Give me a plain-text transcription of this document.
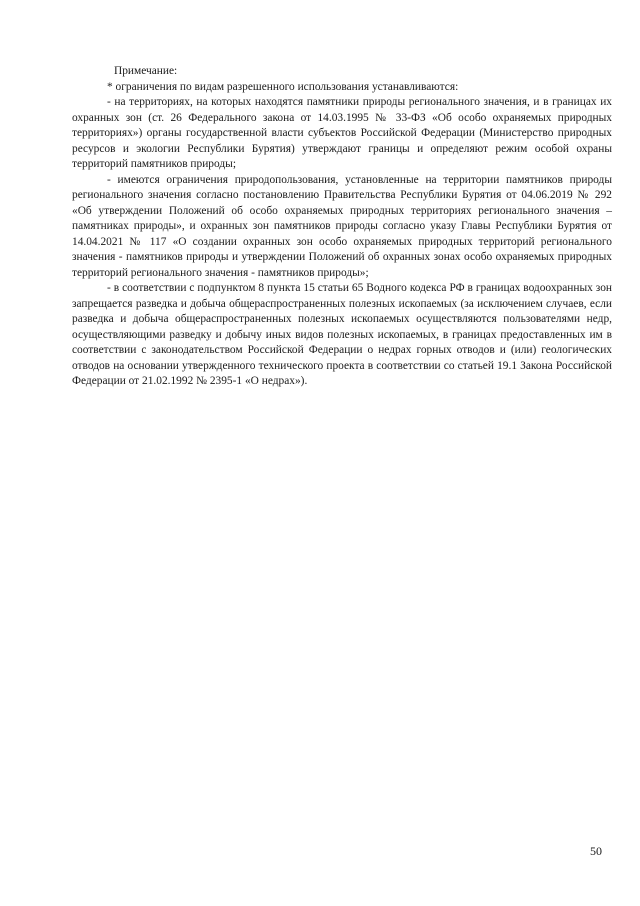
Примечание:

* ограничения по видам разрешенного использования устанавливаются:

- на территориях, на которых находятся памятники природы регионального значения, и в границах их охранных зон (ст. 26 Федерального закона от 14.03.1995 № 33-ФЗ «Об особо охраняемых природных территориях») органы государственной власти субъектов Российской Федерации (Министерство природных ресурсов и экологии Республики Бурятия) утверждают границы и определяют режим особой охраны территорий памятников природы;

- имеются ограничения природопользования, установленные на территории памятников природы регионального значения согласно постановлению Правительства Республики Бурятия от 04.06.2019 № 292 «Об утверждении Положений об особо охраняемых природных территориях регионального значения – памятниках природы», и охранных зон памятников природы согласно указу Главы Республики Бурятия от 14.04.2021 № 117 «О создании охранных зон особо охраняемых природных территорий регионального значения - памятников природы и утверждении Положений об охранных зонах особо охраняемых природных территорий регионального значения - памятников природы»;

- в соответствии с подпунктом 8 пункта 15 статьи 65 Водного кодекса РФ в границах водоохранных зон запрещается разведка и добыча общераспространенных полезных ископаемых (за исключением случаев, если разведка и добыча общераспространенных полезных ископаемых осуществляются пользователями недр, осуществляющими разведку и добычу иных видов полезных ископаемых, в границах предоставленных им в соответствии с законодательством Российской Федерации о недрах горных отводов и (или) геологических отводов на основании утвержденного технического проекта в соответствии со статьей 19.1 Закона Российской Федерации от 21.02.1992 № 2395-1 «О недрах»).

50
